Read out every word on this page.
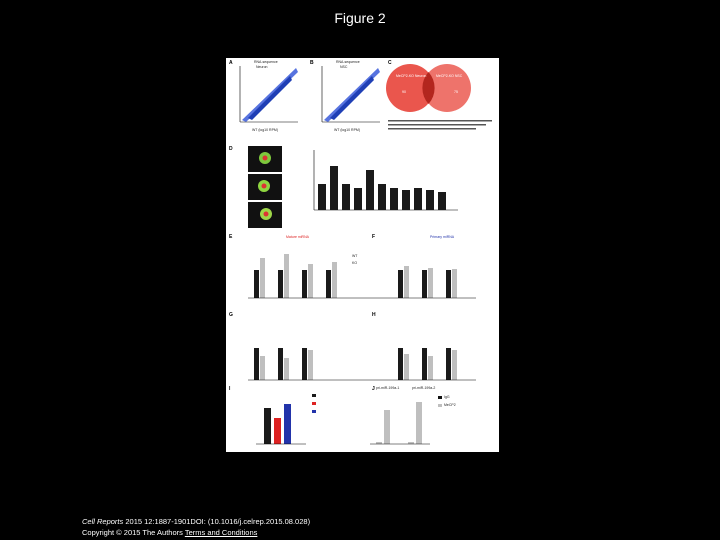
Figure 2
A	B	C
D
E	F
G	H
I	J
RNA-sequence
Neuron
RNA-sequence
NSC
WT (log10 RPM)	WT (log10 RPM)
MeCP2-KO Neuron	MeCP2-KO NSC
90	75
Mature miRNA	Primary miRNA
WT
KO
pri-miR-199a-1	pri-miR-199a-2
IgG
MeCP2
Cell Reports 2015 12:1887-1901DOI: (10.1016/j.celrep.2015.08.028)
Copyright © 2015 The Authors Terms and Conditions
